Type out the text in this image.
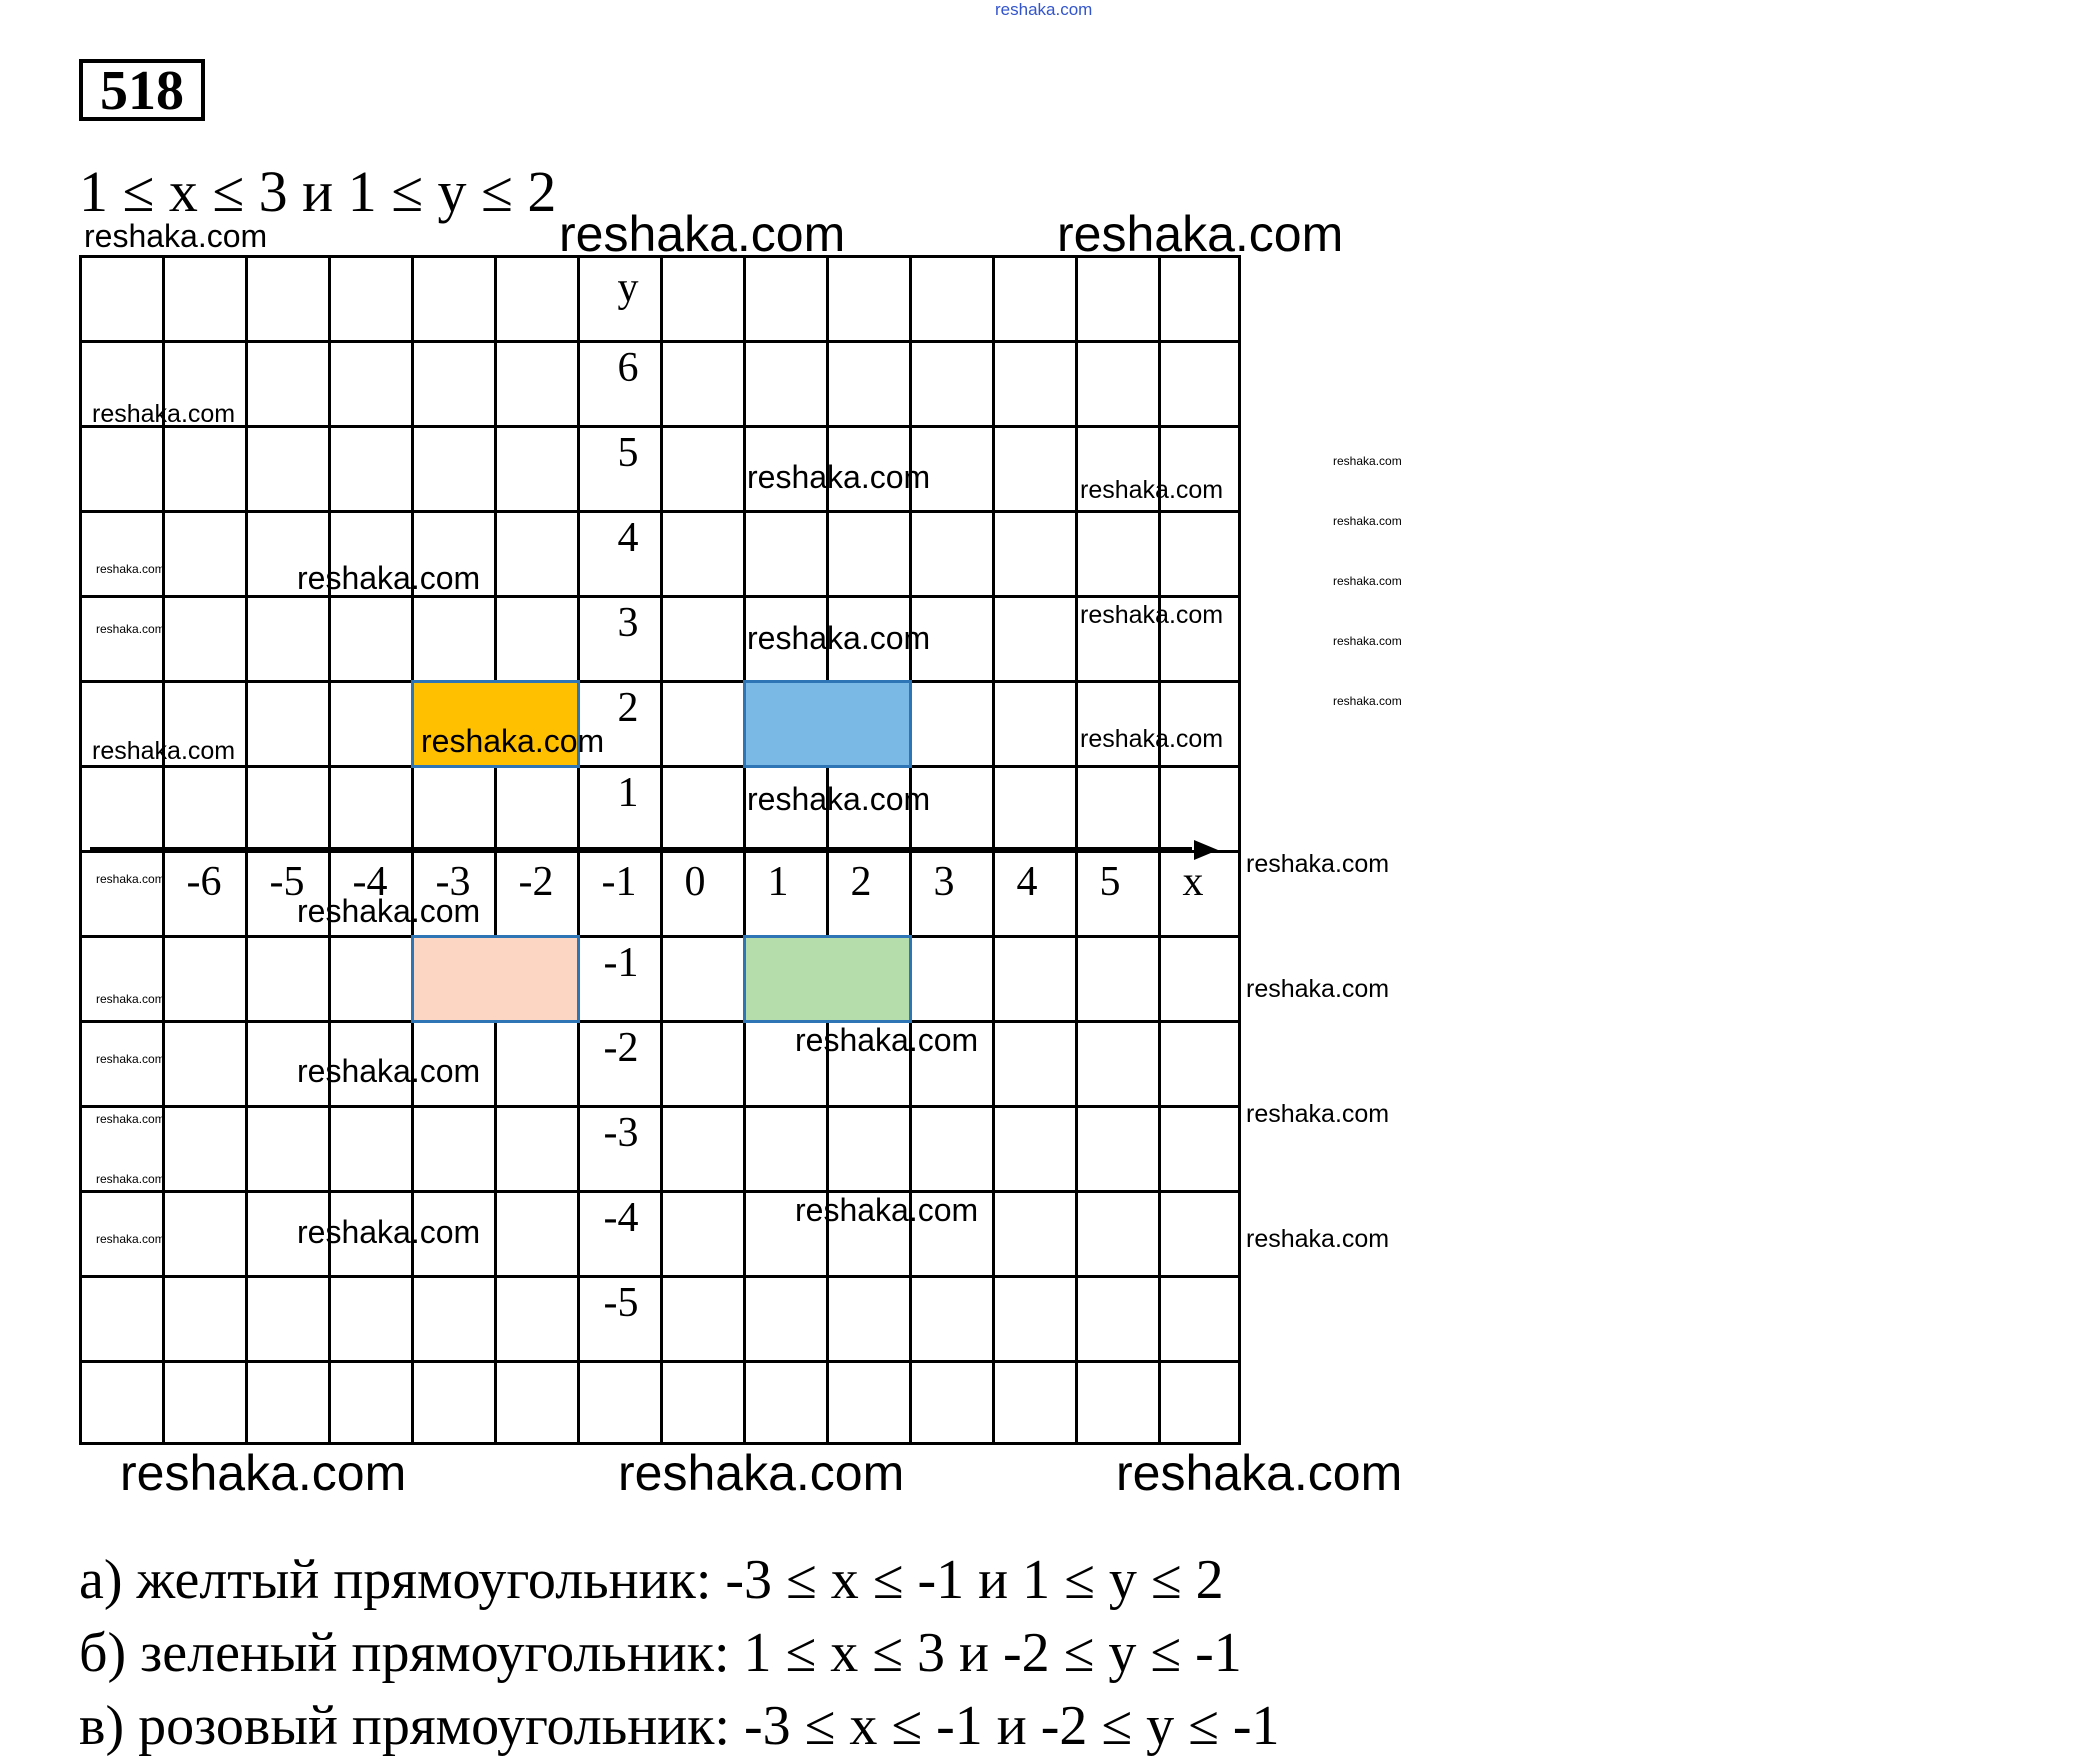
reshaka.com
518
1 ≤ x ≤ 3 и 1 ≤ y ≤ 2
y
6
5
4
3
2
1
-1
-2
-3
-4
-5
-6	-5	-4	-3	-2	-1	0	1	2	3	4	5	x
reshaka.com	reshaka.com	reshaka.com
reshaka.com
reshaka.com	reshaka.com
reshaka.com
reshaka.com
reshaka.com
reshaka.com
reshaka.com	reshaka.com
reshaka.com
reshaka.com
reshaka.com
reshaka.com
reshaka.com
reshaka.com
reshaka.com
reshaka.com
reshaka.com
reshaka.com
reshaka.com
reshaka.com
reshaka.com
reshaka.com
reshaka.com
reshaka.com
reshaka.com
reshaka.com
reshaka.com
reshaka.com
reshaka.com
reshaka.com
reshaka.com
reshaka.com	reshaka.com	reshaka.com
а) желтый прямоугольник: -3 ≤ x ≤ -1 и 1 ≤ y ≤ 2
б) зеленый прямоугольник: 1 ≤ x ≤ 3 и -2 ≤ y ≤ -1
в) розовый прямоугольник: -3 ≤ x ≤ -1 и -2 ≤ y ≤ -1
